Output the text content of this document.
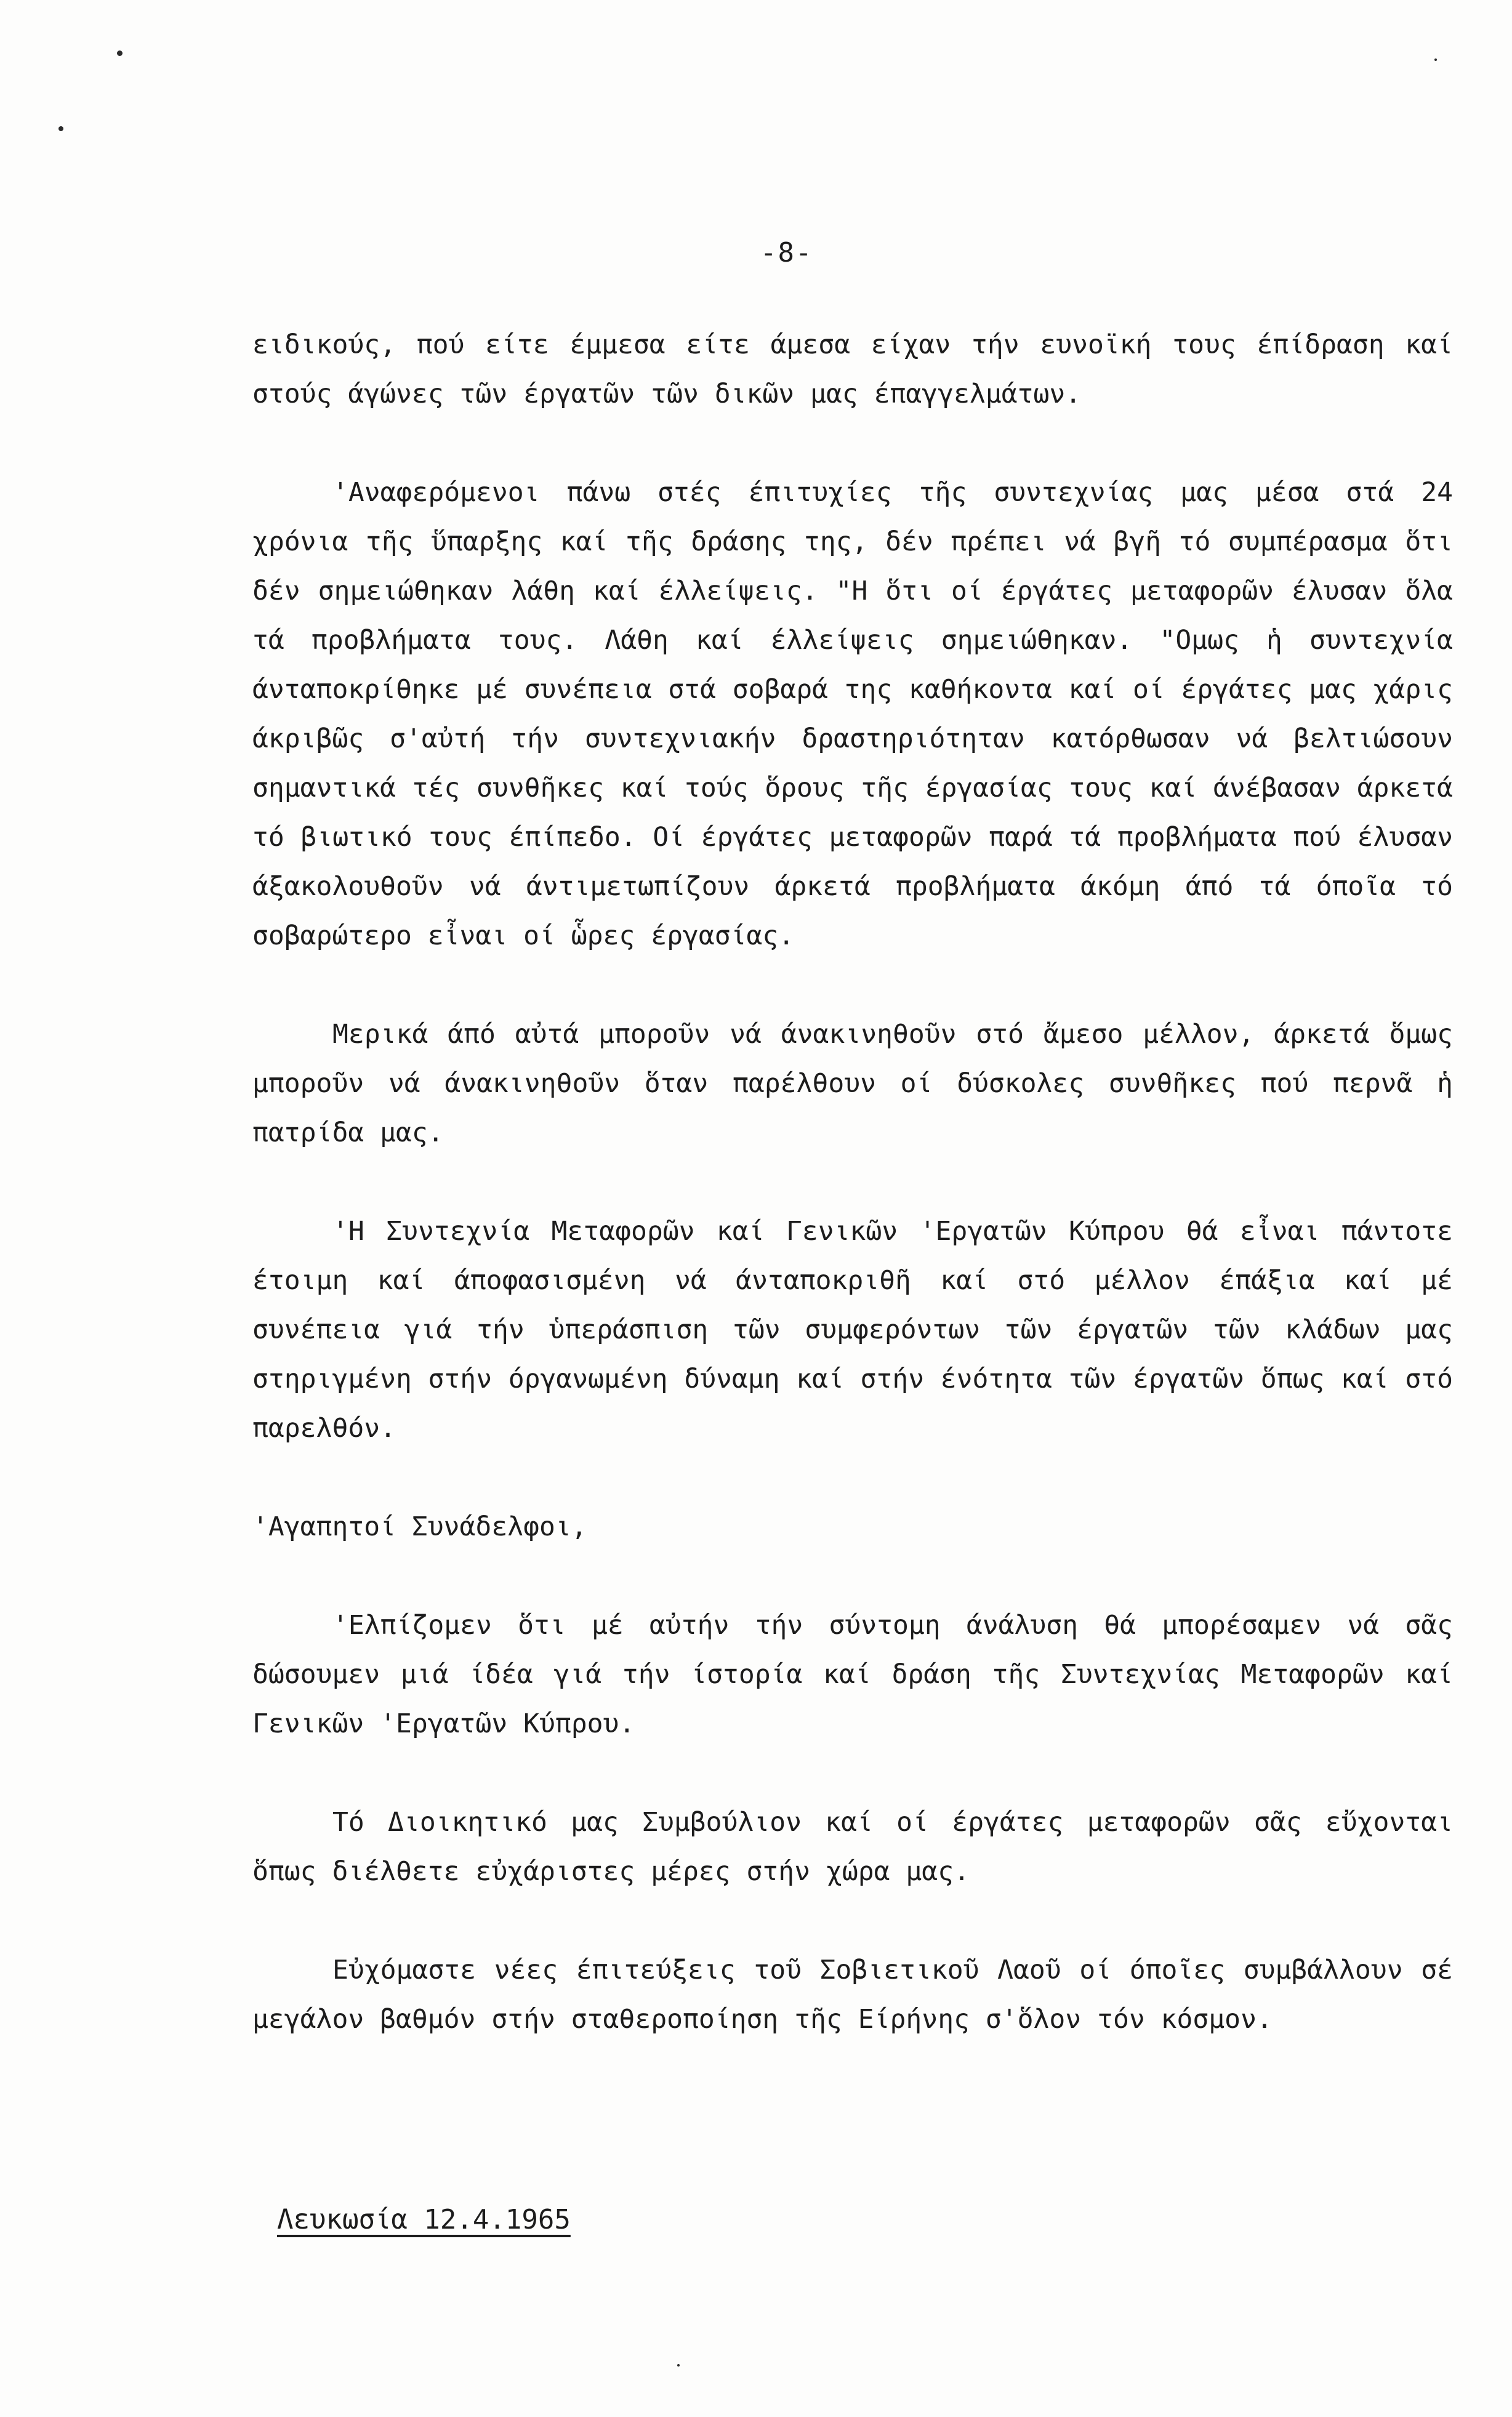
-8-

ειδικούς, πού είτε έμμεσα είτε άμεσα είχαν τήν ευνοϊκή τους έπίδραση καί στούς άγώνες τῶν έργατῶν τῶν δικῶν μας έπαγγελμάτων.

'Αναφερόμενοι πάνω στές έπιτυχίες τῆς συντεχνίας μας μέσα στά 24 χρόνια τῆς ὕπαρξης καί τῆς δράσης της, δέν πρέπει νά βγῆ τό συμπέρασμα ὅτι δέν σημειώθηκαν λάθη καί έλλείψεις. "Η ὅτι οί έργάτες μεταφορῶν έλυσαν ὅλα τά προβλήματα τους. Λάθη καί έλλείψεις σημειώθηκαν. "Ομως ἡ συντεχνία άνταποκρίθηκε μέ συνέπεια στά σοβαρά της καθήκοντα καί οί έργάτες μας χάρις άκριβῶς σ'αὐτή τήν συντεχνιακήν δραστηριότηταν κατόρθωσαν νά βελτιώσουν σημαντικά τές συνθῆκες καί τούς ὅρους τῆς έργασίας τους καί άνέβασαν άρκετά τό βιωτικό τους έπίπεδο. Οί έργάτες μεταφορῶν παρά τά προβλήματα πού έλυσαν άξακολουθοῦν νά άντιμετωπίζουν άρκετά προβλήματα άκόμη άπό τά όποῖα τό σοβαρώτερο εἶναι οί ὧρες έργασίας.

Μερικά άπό αὐτά μποροῦν νά άνακινηθοῦν στό ἄμεσο μέλλον, άρκετά ὅμως μποροῦν νά άνακινηθοῦν ὅταν παρέλθουν οί δύσκολες συνθῆκες πού περνᾶ ἡ πατρίδα μας.

'Η Συντεχνία Μεταφορῶν καί Γενικῶν 'Εργατῶν Κύπρου θά εἶναι πάντοτε έτοιμη καί άποφασισμένη νά άνταποκριθῆ καί στό μέλλον έπάξια καί μέ συνέπεια γιά τήν ὑπεράσπιση τῶν συμφερόντων τῶν έργατῶν τῶν κλάδων μας στηριγμένη στήν όργανωμένη δύναμη καί στήν ένότητα τῶν έργατῶν ὅπως καί στό παρελθόν.

'Αγαπητοί Συνάδελφοι,

'Ελπίζομεν ὅτι μέ αὐτήν τήν σύντομη άνάλυση θά μπορέσαμεν νά σᾶς δώσουμεν μιά ίδέα γιά τήν ίστορία καί δράση τῆς Συντεχνίας Μεταφορῶν καί Γενικῶν 'Εργατῶν Κύπρου.

Τό Διοικητικό μας Συμβούλιον καί οί έργάτες μεταφορῶν σᾶς εὔχονται ὅπως διέλθετε εὐχάριστες μέρες στήν χώρα μας.

Εὐχόμαστε νέες έπιτεύξεις τοῦ Σοβιετικοῦ Λαοῦ οί όποῖες συμβάλλουν σέ μεγάλον βαθμόν στήν σταθεροποίηση τῆς Είρήνης σ'ὅλον τόν κόσμον.

Λευκωσία 12.4.1965
